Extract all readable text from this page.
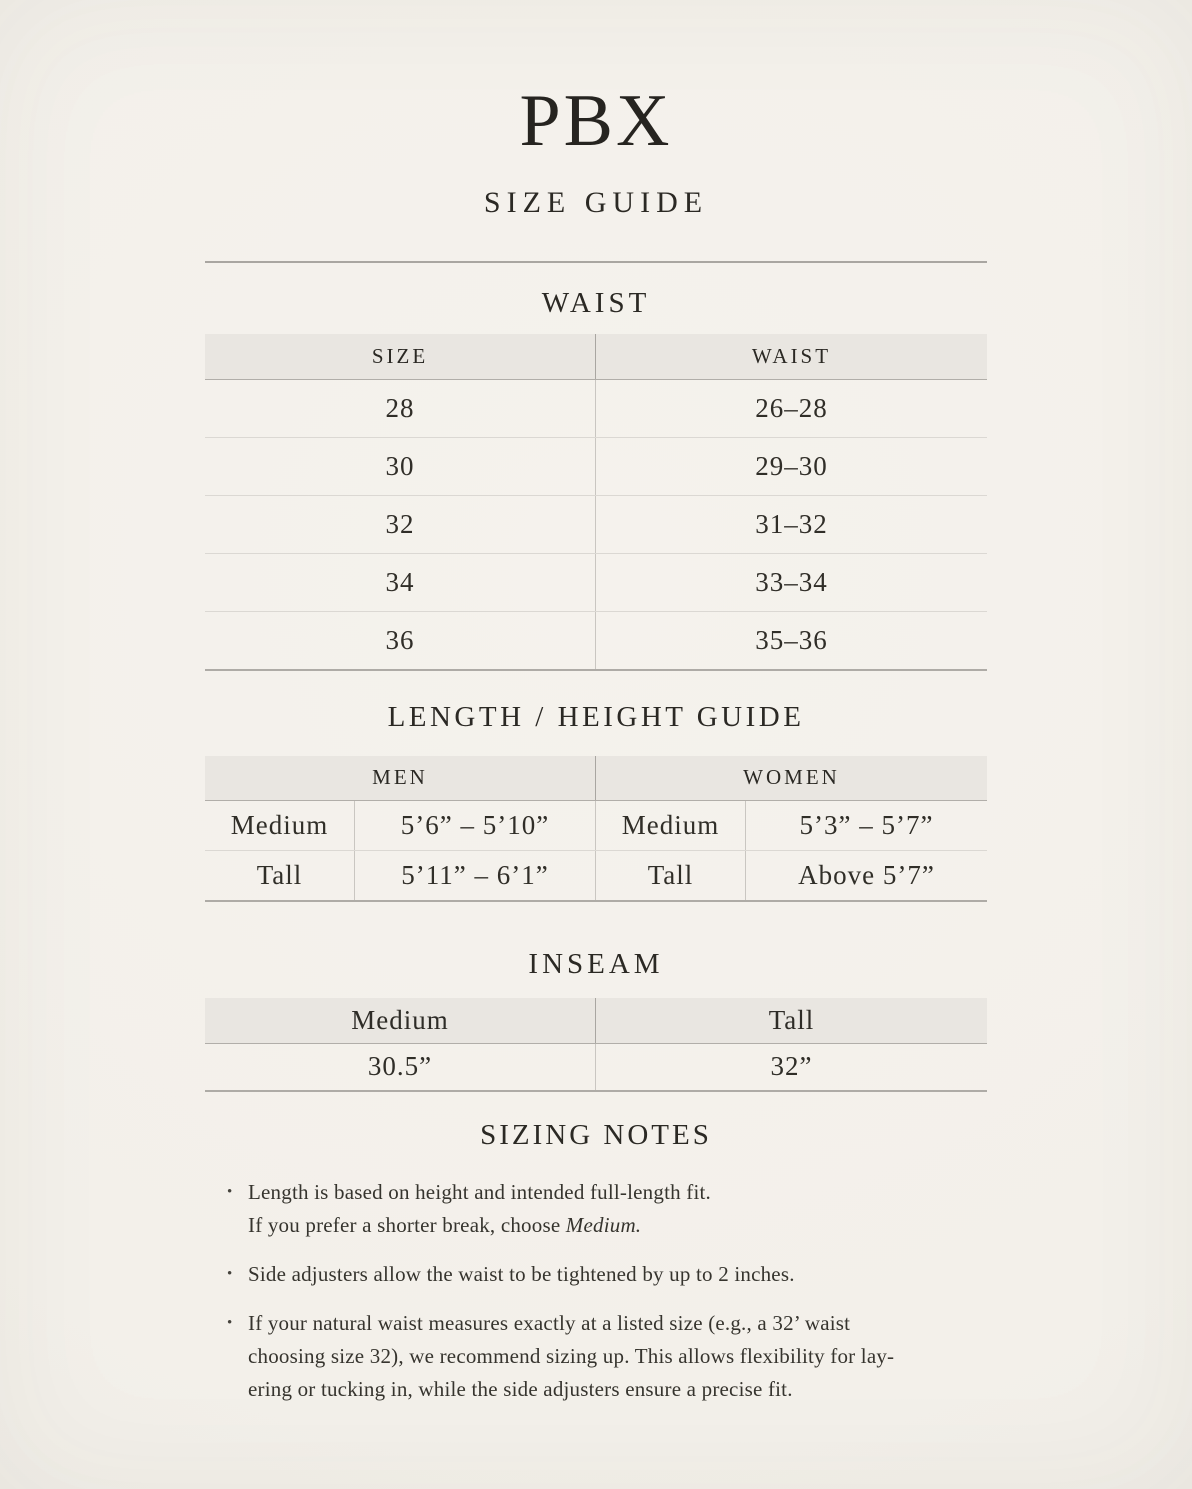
PBX
SIZE GUIDE
WAIST
SIZE	WAIST
28	26–28
30	29–30
32	31–32
34	33–34
36	35–36
LENGTH / HEIGHT GUIDE
MEN	WOMEN
Medium	5’6” – 5’10”	Medium	5’3” – 5’7”
Tall	5’11” – 6’1”	Tall	Above 5’7”
INSEAM
Medium	Tall
30.5”	32”
SIZING NOTES
• Length is based on height and intended full-length fit.
If you prefer a shorter break, choose Medium.
• Side adjusters allow the waist to be tightened by up to 2 inches.
• If your natural waist measures exactly at a listed size (e.g., a 32’ waist
choosing size 32), we recommend sizing up. This allows flexibility for lay-
ering or tucking in, while the side adjusters ensure a precise fit.
